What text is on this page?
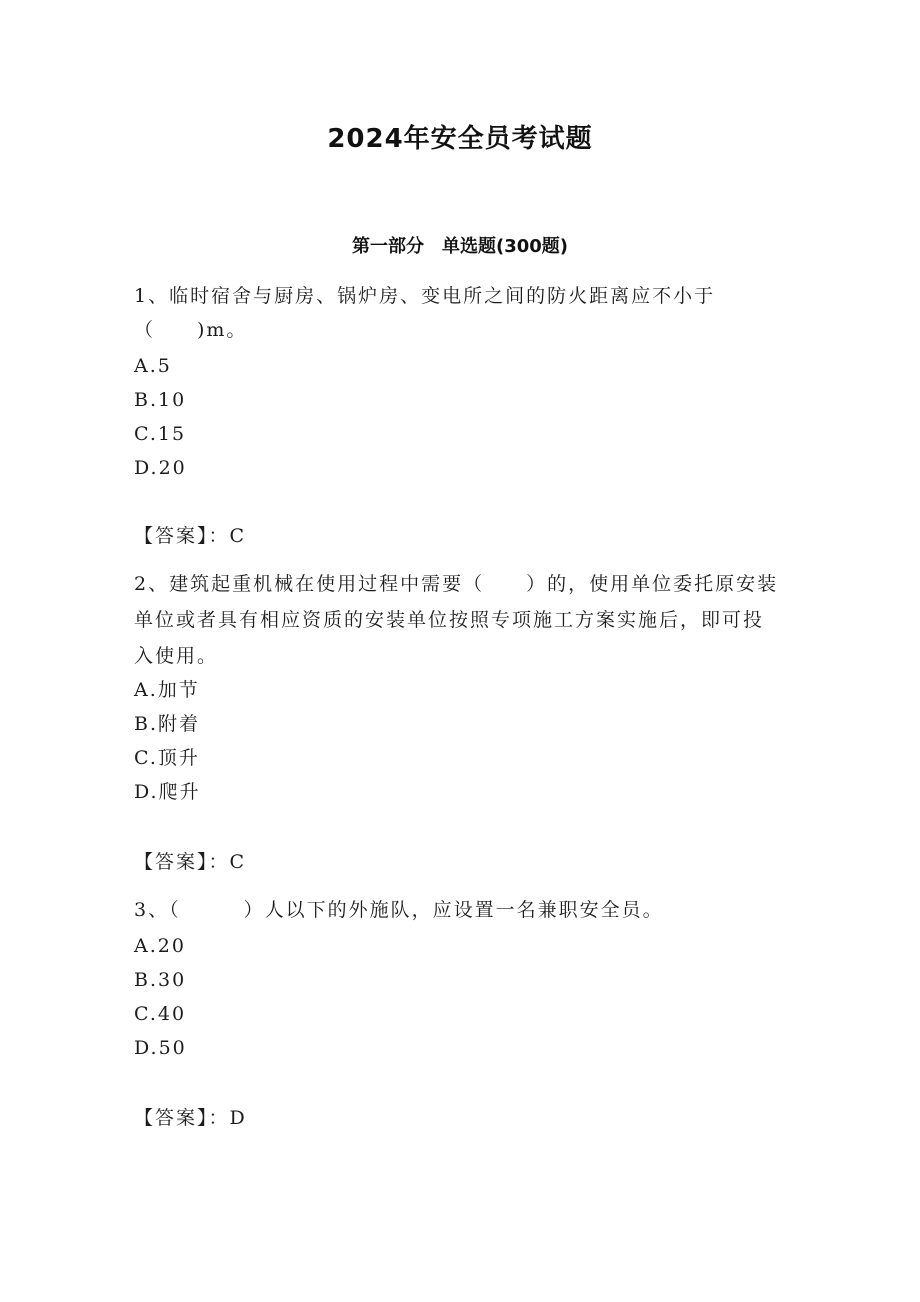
2024年安全员考试题
第一部分　单选题(300题)
1、临时宿舍与厨房、锅炉房、变电所之间的防火距离应不小于
（　　)m。
A.5
B.10
C.15
D.20
【答案】：C
2、建筑起重机械在使用过程中需要（　　）的，使用单位委托原安装
单位或者具有相应资质的安装单位按照专项施工方案实施后，即可投
入使用。
A.加节
B.附着
C.顶升
D.爬升
【答案】：C
3、（　　　）人以下的外施队，应设置一名兼职安全员。
A.20
B.30
C.40
D.50
【答案】：D
